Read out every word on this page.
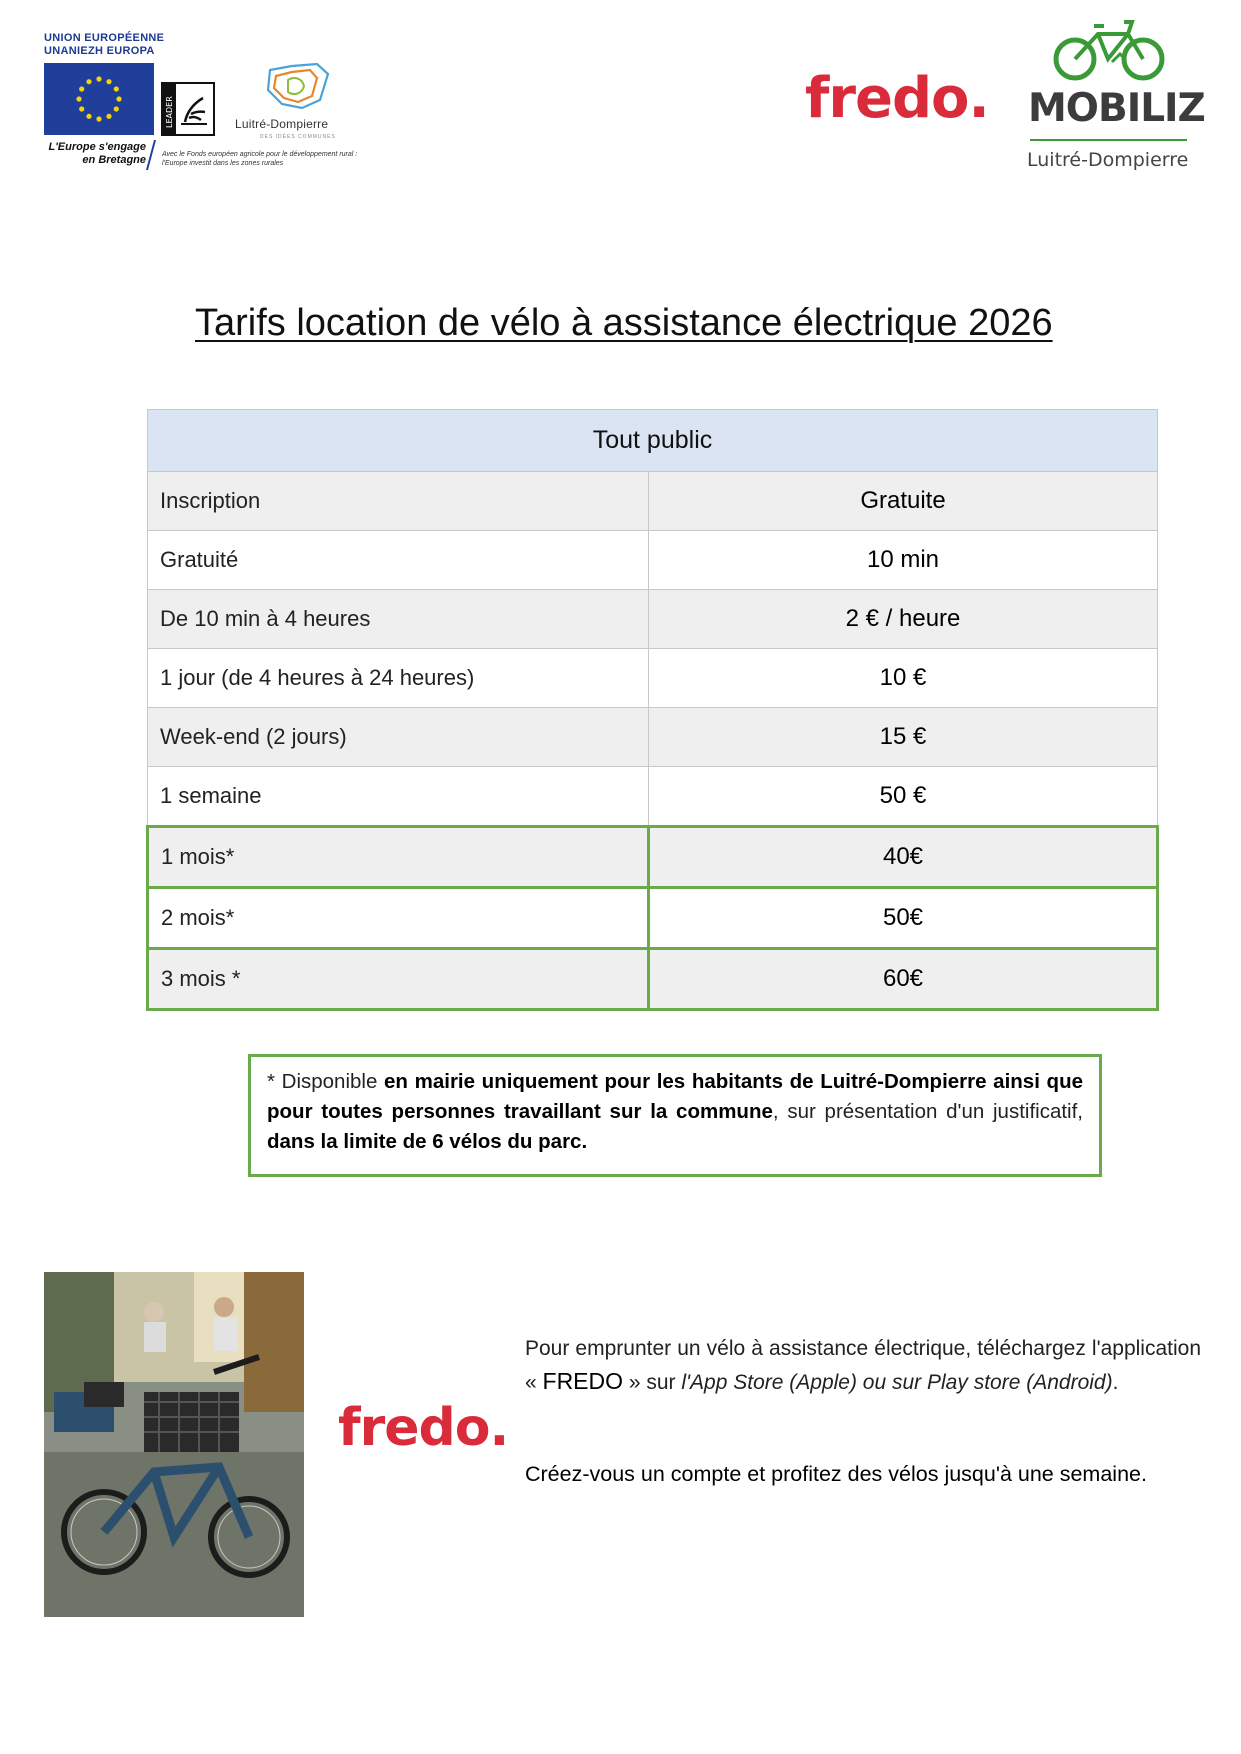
UNION EUROPÉENNE
UNANIEZH EUROPA
L'Europe s'engage
en Bretagne
LEADER
Avec le Fonds européen agricole pour le développement rural :
l'Europe investit dans les zones rurales
Luitré-Dompierre
DES IDÉES COMMUNES
fredo. MOBILIZ
Luitré-Dompierre
Tarifs location de vélo à assistance électrique 2026
Tout public	
Inscription	Gratuite
Gratuité	10 min
De 10 min à 4 heures	2 € / heure
1 jour (de 4 heures à 24 heures)	10 €
Week-end (2 jours)	15 €
1 semaine	50 €
1 mois*	40€
2 mois*	50€
3 mois *	60€
* Disponible en mairie uniquement pour les habitants de Luitré-Dompierre ainsi que pour toutes personnes travaillant sur la commune, sur présentation d'un justificatif, dans la limite de 6 vélos du parc.
fredo.
Pour emprunter un vélo à assistance électrique, téléchargez l'application « FREDO » sur l'App Store (Apple) ou sur Play store (Android).
Créez-vous un compte et profitez des vélos jusqu'à une semaine.
